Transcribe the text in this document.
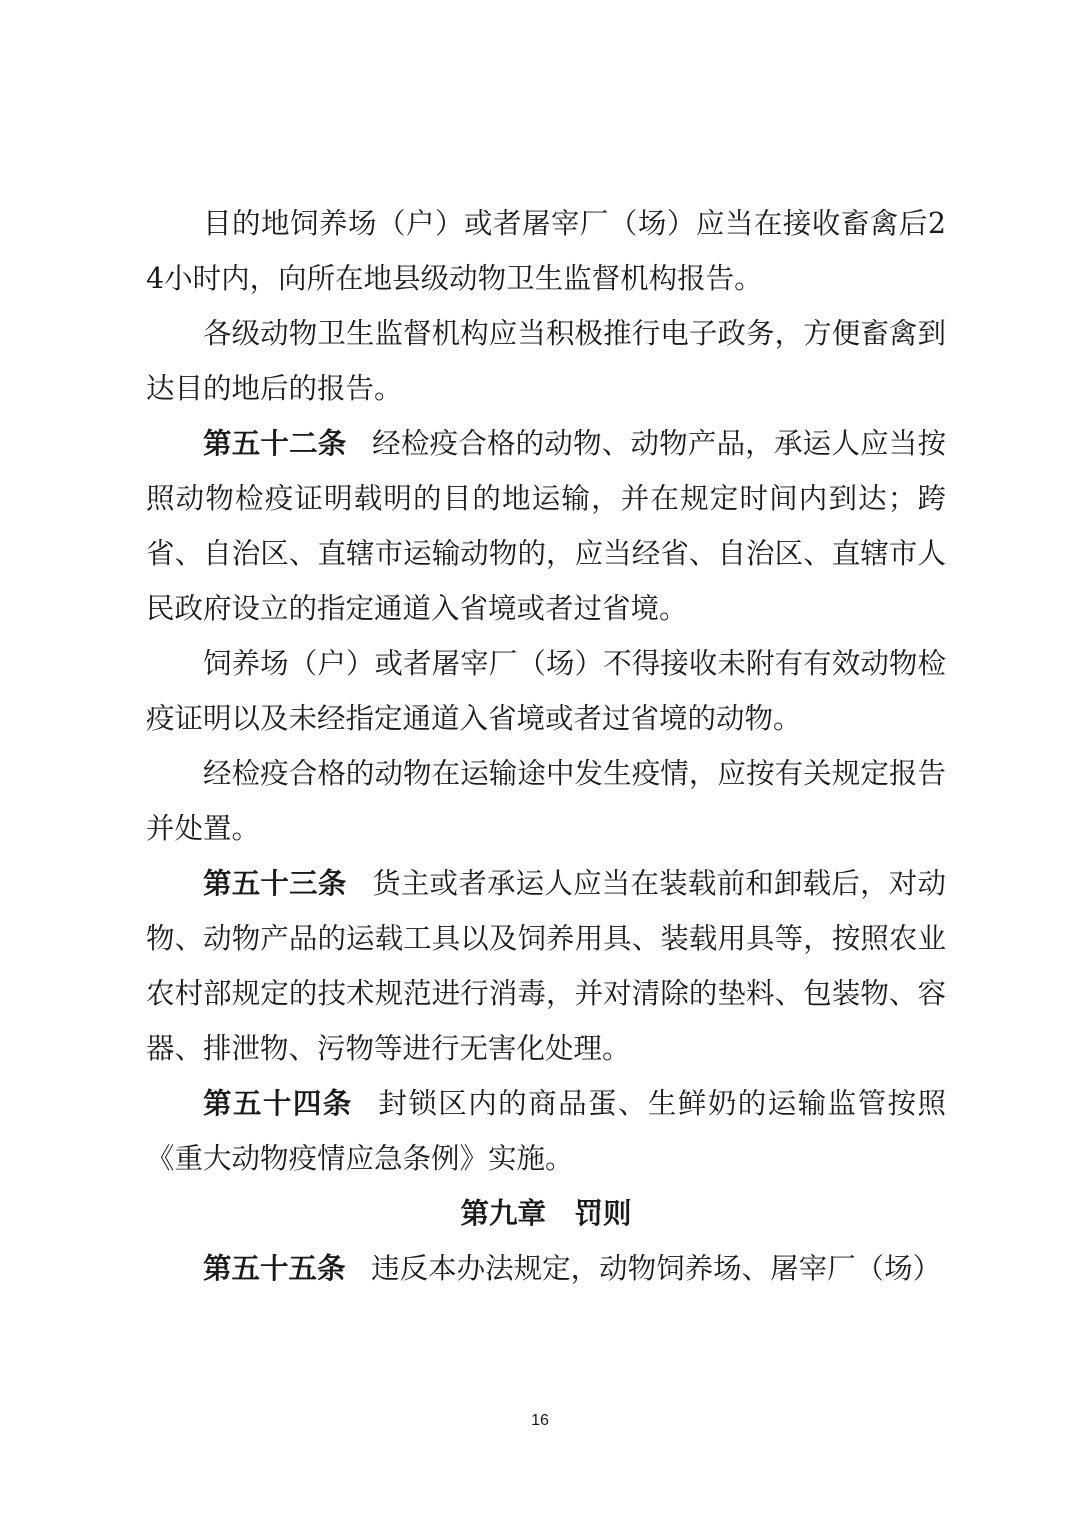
目的地饲养场（户）或者屠宰厂（场）应当在接收畜禽后24小时内，向所在地县级动物卫生监督机构报告。

各级动物卫生监督机构应当积极推行电子政务，方便畜禽到达目的地后的报告。

第五十二条 经检疫合格的动物、动物产品，承运人应当按照动物检疫证明载明的目的地运输，并在规定时间内到达；跨省、自治区、直辖市运输动物的，应当经省、自治区、直辖市人民政府设立的指定通道入省境或者过省境。

饲养场（户）或者屠宰厂（场）不得接收未附有有效动物检疫证明以及未经指定通道入省境或者过省境的动物。

经检疫合格的动物在运输途中发生疫情，应按有关规定报告并处置。

第五十三条 货主或者承运人应当在装载前和卸载后，对动物、动物产品的运载工具以及饲养用具、装载用具等，按照农业农村部规定的技术规范进行消毒，并对清除的垫料、包装物、容器、排泄物、污物等进行无害化处理。

第五十四条 封锁区内的商品蛋、生鲜奶的运输监管按照《重大动物疫情应急条例》实施。

第九章 罚则

第五十五条 违反本办法规定，动物饲养场、屠宰厂（场）

16
